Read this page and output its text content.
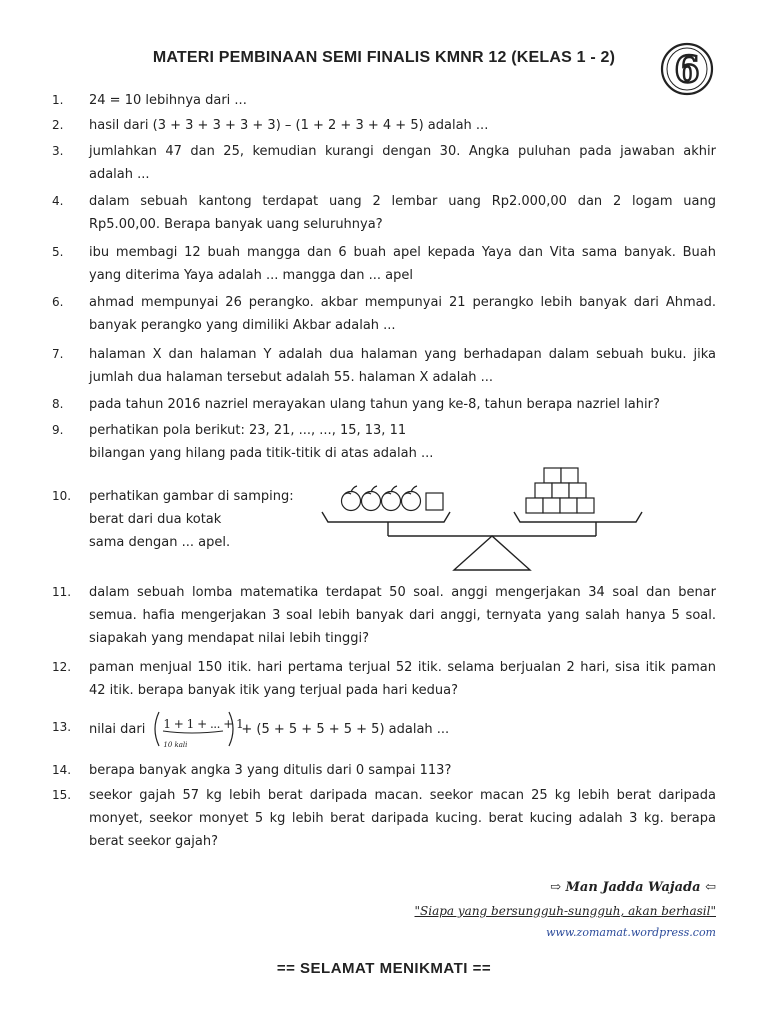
MATERI PEMBINAAN SEMI FINALIS KMNR 12 (KELAS 1 - 2)	6
1.	24 = 10 lebihnya dari ...
2.	hasil dari (3 + 3 + 3 + 3 + 3) – (1 + 2 + 3 + 4 + 5) adalah ...
3.	jumlahkan 47 dan 25, kemudian kurangi dengan 30. Angka puluhan pada jawaban akhir
adalah ...
4.	dalam sebuah kantong terdapat uang 2 lembar uang Rp2.000,00 dan 2 logam uang
Rp5.00,00. Berapa banyak uang seluruhnya?
5.	ibu membagi 12 buah mangga dan 6 buah apel kepada Yaya dan Vita sama banyak. Buah
yang diterima Yaya adalah ... mangga dan ... apel
6.	ahmad mempunyai 26 perangko. akbar mempunyai 21 perangko lebih banyak dari Ahmad.
banyak perangko yang dimiliki Akbar adalah ...
7.	halaman X dan halaman Y adalah dua halaman yang berhadapan dalam sebuah buku. jika
jumlah dua halaman tersebut adalah 55. halaman X adalah ...
8.	pada tahun 2016 nazriel merayakan ulang tahun yang ke-8, tahun berapa nazriel lahir?
9.	perhatikan pola berikut: 23, 21, ..., ..., 15, 13, 11
bilangan yang hilang pada titik-titik di atas adalah ...
10.	perhatikan gambar di samping:
berat dari dua kotak
sama dengan ... apel.
11.	dalam sebuah lomba matematika terdapat 50 soal. anggi mengerjakan 34 soal dan benar
semua. hafia mengerjakan 3 soal lebih banyak dari anggi, ternyata yang salah hanya 5 soal.
siapakah yang mendapat nilai lebih tinggi?
12.	paman menjual 150 itik. hari pertama terjual 52 itik. selama berjualan 2 hari, sisa itik paman
42 itik. berapa banyak itik yang terjual pada hari kedua?
13.	nilai dari 1 + 1 + ... + 1
10 kali
+ (5 + 5 + 5 + 5 + 5) adalah ...
14.	berapa banyak angka 3 yang ditulis dari 0 sampai 113?
15.	seekor gajah 57 kg lebih berat daripada macan. seekor macan 25 kg lebih berat daripada
monyet, seekor monyet 5 kg lebih berat daripada kucing. berat kucing adalah 3 kg. berapa
berat seekor gajah?
⇨ Man Jadda Wajada ⇦
"Siapa yang bersungguh-sungguh, akan berhasil"
www.zomamat.wordpress.com
== SELAMAT MENIKMATI ==
